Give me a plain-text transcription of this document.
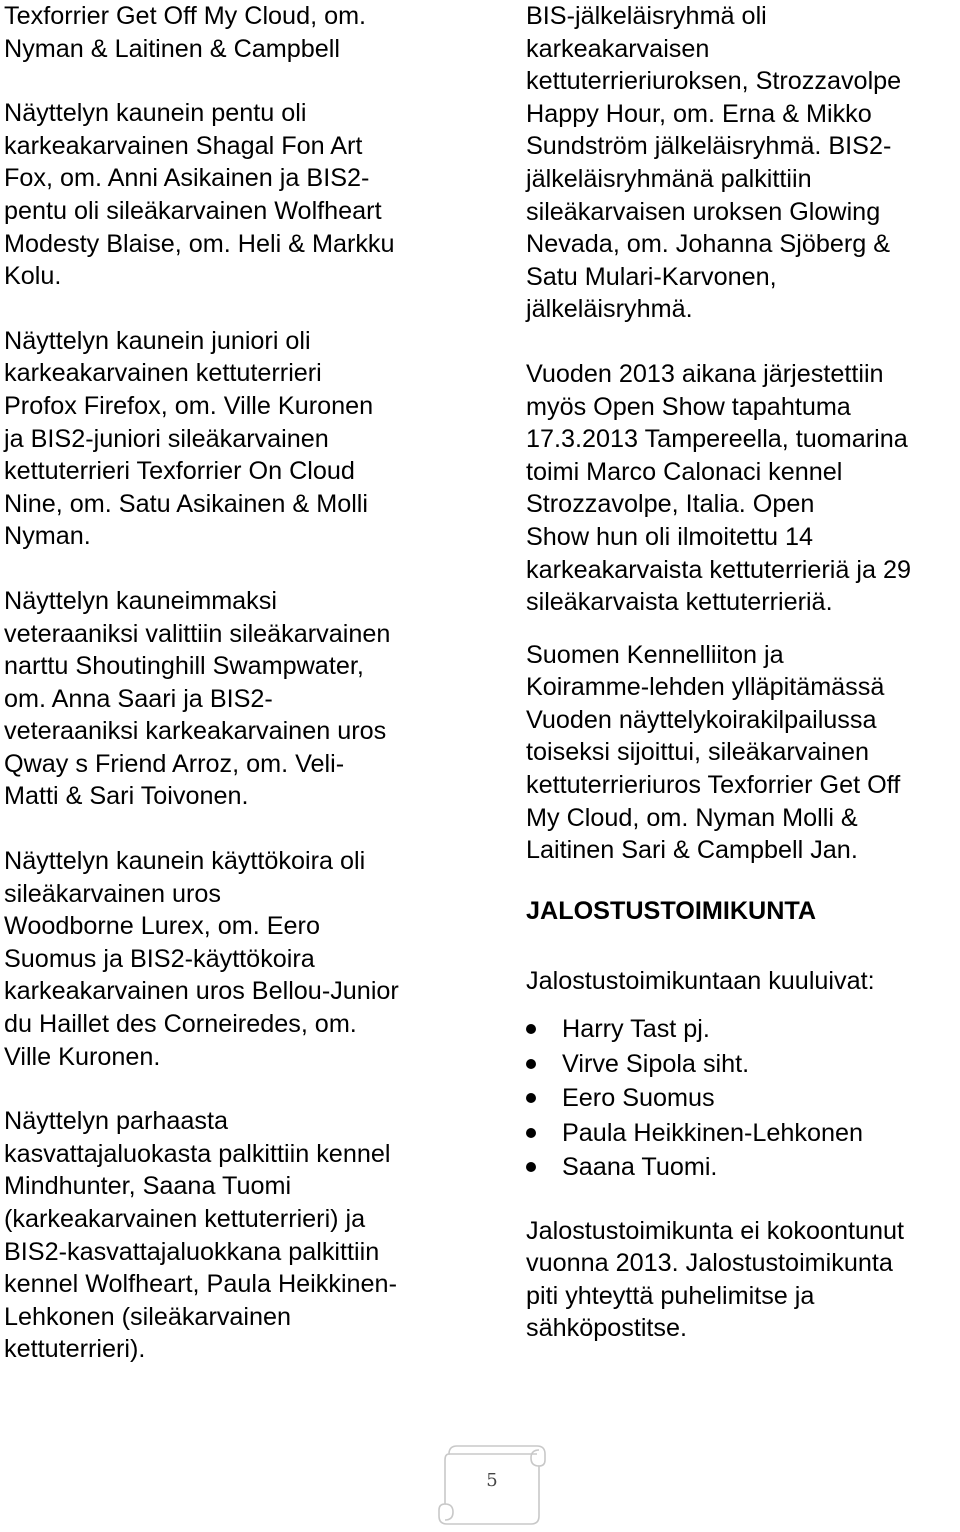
Texforrier Get Off My Cloud, om.
Nyman & Laitinen & Campbell
Näyttelyn kaunein pentu oli
karkeakarvainen Shagal Fon Art
Fox, om. Anni Asikainen ja BIS2-
pentu oli sileäkarvainen Wolfheart
Modesty Blaise, om. Heli & Markku
Kolu.
Näyttelyn kaunein juniori oli
karkeakarvainen kettuterrieri
Profox Firefox, om. Ville Kuronen
ja BIS2-juniori sileäkarvainen
kettuterrieri Texforrier On Cloud
Nine, om. Satu Asikainen & Molli
Nyman.
Näyttelyn kauneimmaksi
veteraaniksi valittiin sileäkarvainen
narttu Shoutinghill Swampwater,
om. Anna Saari ja BIS2-
veteraaniksi karkeakarvainen uros
Qway s Friend Arroz, om. Veli-
Matti & Sari Toivonen.
Näyttelyn kaunein käyttökoira oli
sileäkarvainen uros
Woodborne Lurex, om. Eero
Suomus ja BIS2-käyttökoira
karkeakarvainen uros Bellou-Junior
du Haillet des Corneiredes, om.
Ville Kuronen.
Näyttelyn parhaasta
kasvattajaluokasta palkittiin kennel
Mindhunter, Saana Tuomi
(karkeakarvainen kettuterrieri) ja
BIS2-kasvattajaluokkana palkittiin
kennel Wolfheart, Paula Heikkinen-
Lehkonen (sileäkarvainen
kettuterrieri).
BIS-jälkeläisryhmä oli
karkeakarvaisen
kettuterrieriuroksen, Strozzavolpe
Happy Hour, om. Erna & Mikko
Sundström jälkeläisryhmä. BIS2-
jälkeläisryhmänä palkittiin
sileäkarvaisen uroksen Glowing
Nevada, om. Johanna Sjöberg &
Satu Mulari-Karvonen,
jälkeläisryhmä.
Vuoden 2013 aikana järjestettiin
myös Open Show tapahtuma
17.3.2013 Tampereella, tuomarina
toimi Marco Calonaci kennel
Strozzavolpe, Italia. Open
Show hun oli ilmoitettu 14
karkeakarvaista kettuterrieriä ja 29
sileäkarvaista kettuterrieriä.
Suomen Kennelliiton ja
Koiramme-lehden ylläpitämässä
Vuoden näyttelykoirakilpailussa
toiseksi sijoittui, sileäkarvainen
kettuterrieriuros Texforrier Get Off
My Cloud, om. Nyman Molli &
Laitinen Sari & Campbell Jan.
JALOSTUSTOIMIKUNTA
Jalostustoimikuntaan kuuluivat:
Harry Tast pj.
Virve Sipola siht.
Eero Suomus
Paula Heikkinen-Lehkonen
Saana Tuomi.
Jalostustoimikunta ei kokoontunut
vuonna 2013. Jalostustoimikunta
piti yhteyttä puhelimitse ja
sähköpostitse.
5
